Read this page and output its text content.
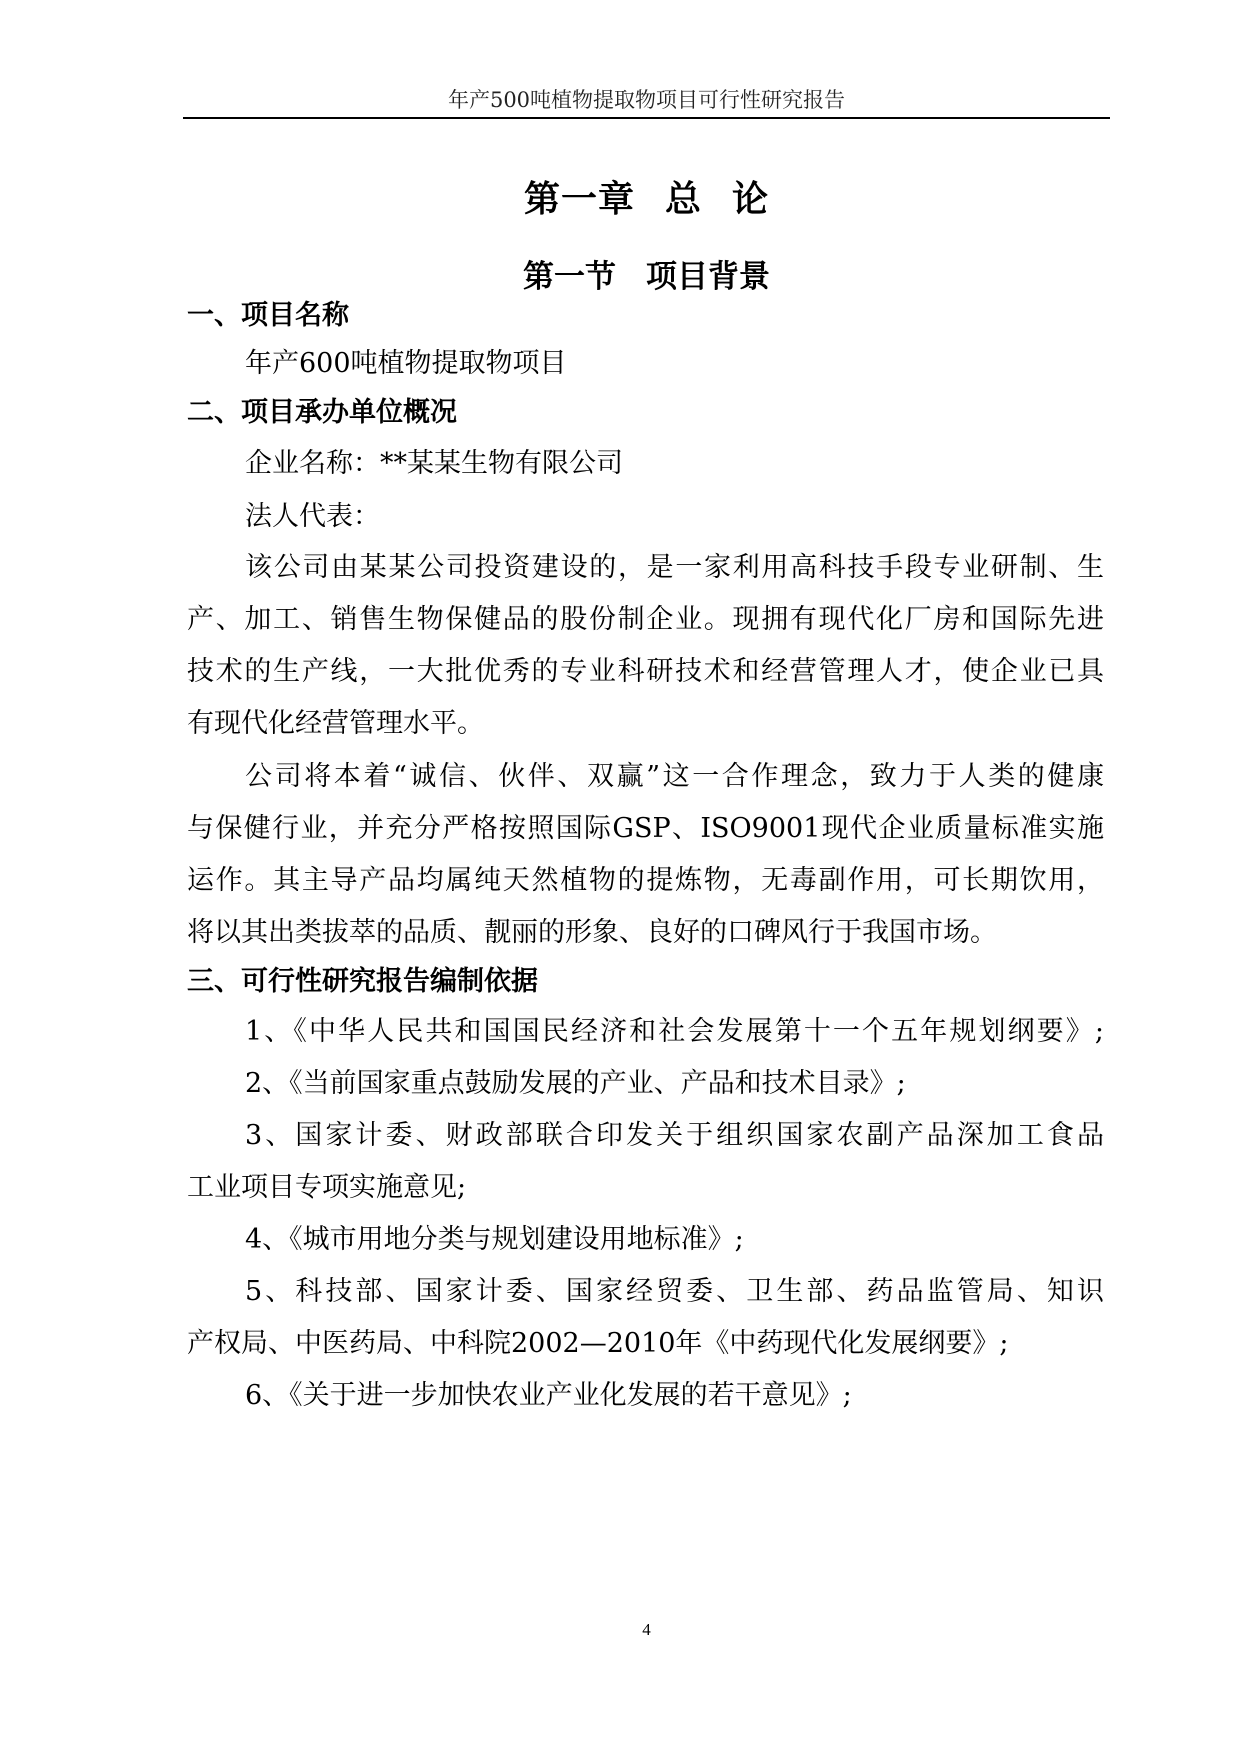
年产500吨植物提取物项目可行性研究报告
第一章 总 论
第一节 项目背景
一、项目名称
年产600吨植物提取物项目
二、项目承办单位概况
企业名称：**某某生物有限公司
法人代表：
该公司由某某公司投资建设的，是一家利用高科技手段专业研制、生
产、加工、销售生物保健品的股份制企业。现拥有现代化厂房和国际先进
技术的生产线，一大批优秀的专业科研技术和经营管理人才，使企业已具
有现代化经营管理水平。
公司将本着“诚信、伙伴、双赢”这一合作理念，致力于人类的健康
与保健行业，并充分严格按照国际GSP、ISO9001现代企业质量标准实施
运作。其主导产品均属纯天然植物的提炼物，无毒副作用，可长期饮用，
将以其出类拔萃的品质、靓丽的形象、良好的口碑风行于我国市场。
三、可行性研究报告编制依据
1、《中华人民共和国国民经济和社会发展第十一个五年规划纲要》;
2、《当前国家重点鼓励发展的产业、产品和技术目录》;
3、国家计委、财政部联合印发关于组织国家农副产品深加工食品
工业项目专项实施意见;
4、《城市用地分类与规划建设用地标准》;
5、科技部、国家计委、国家经贸委、卫生部、药品监管局、知识
产权局、中医药局、中科院2002—2010年《中药现代化发展纲要》;
6、《关于进一步加快农业产业化发展的若干意见》;
4
